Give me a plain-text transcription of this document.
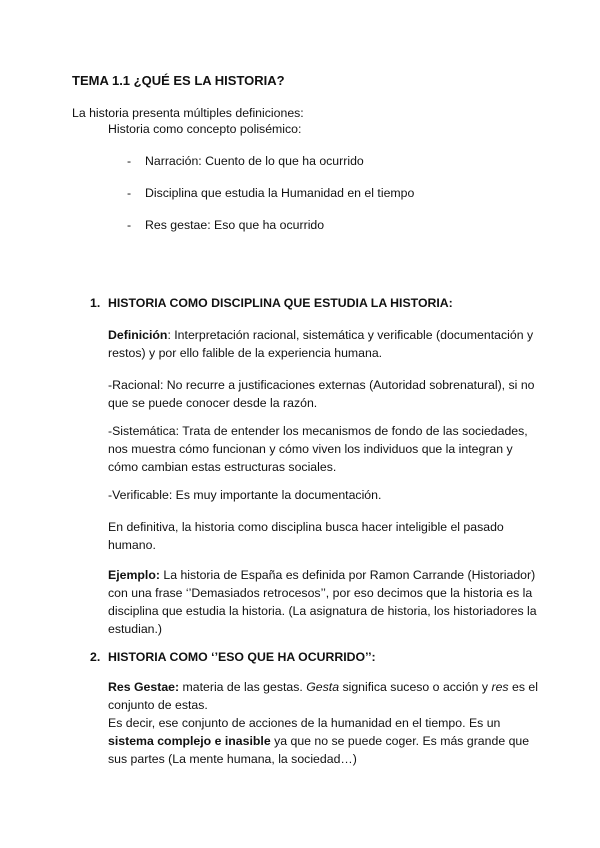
TEMA 1.1 ¿QUÉ ES LA HISTORIA?
La historia presenta múltiples definiciones:
Historia como concepto polisémico:
- Narración: Cuento de lo que ha ocurrido
- Disciplina que estudia la Humanidad en el tiempo
- Res gestae: Eso que ha ocurrido
1. HISTORIA COMO DISCIPLINA QUE ESTUDIA LA HISTORIA:
Definición: Interpretación racional, sistemática y verificable (documentación y restos) y por ello falible de la experiencia humana.
-Racional: No recurre a justificaciones externas (Autoridad sobrenatural), si no que se puede conocer desde la razón.
-Sistemática: Trata de entender los mecanismos de fondo de las sociedades, nos muestra cómo funcionan y cómo viven los individuos que la integran y cómo cambian estas estructuras sociales.
-Verificable: Es muy importante la documentación.
En definitiva, la historia como disciplina busca hacer inteligible el pasado humano.
Ejemplo: La historia de España es definida por Ramon Carrande (Historiador) con una frase ‘’Demasiados retrocesos’’, por eso decimos que la historia es la disciplina que estudia la historia. (La asignatura de historia, los historiadores la estudian.)
2. HISTORIA COMO ‘’ESO QUE HA OCURRIDO’’:
Res Gestae: materia de las gestas. Gesta significa suceso o acción y res es el conjunto de estas.
Es decir, ese conjunto de acciones de la humanidad en el tiempo. Es un sistema complejo e inasible ya que no se puede coger. Es más grande que sus partes (La mente humana, la sociedad…)
